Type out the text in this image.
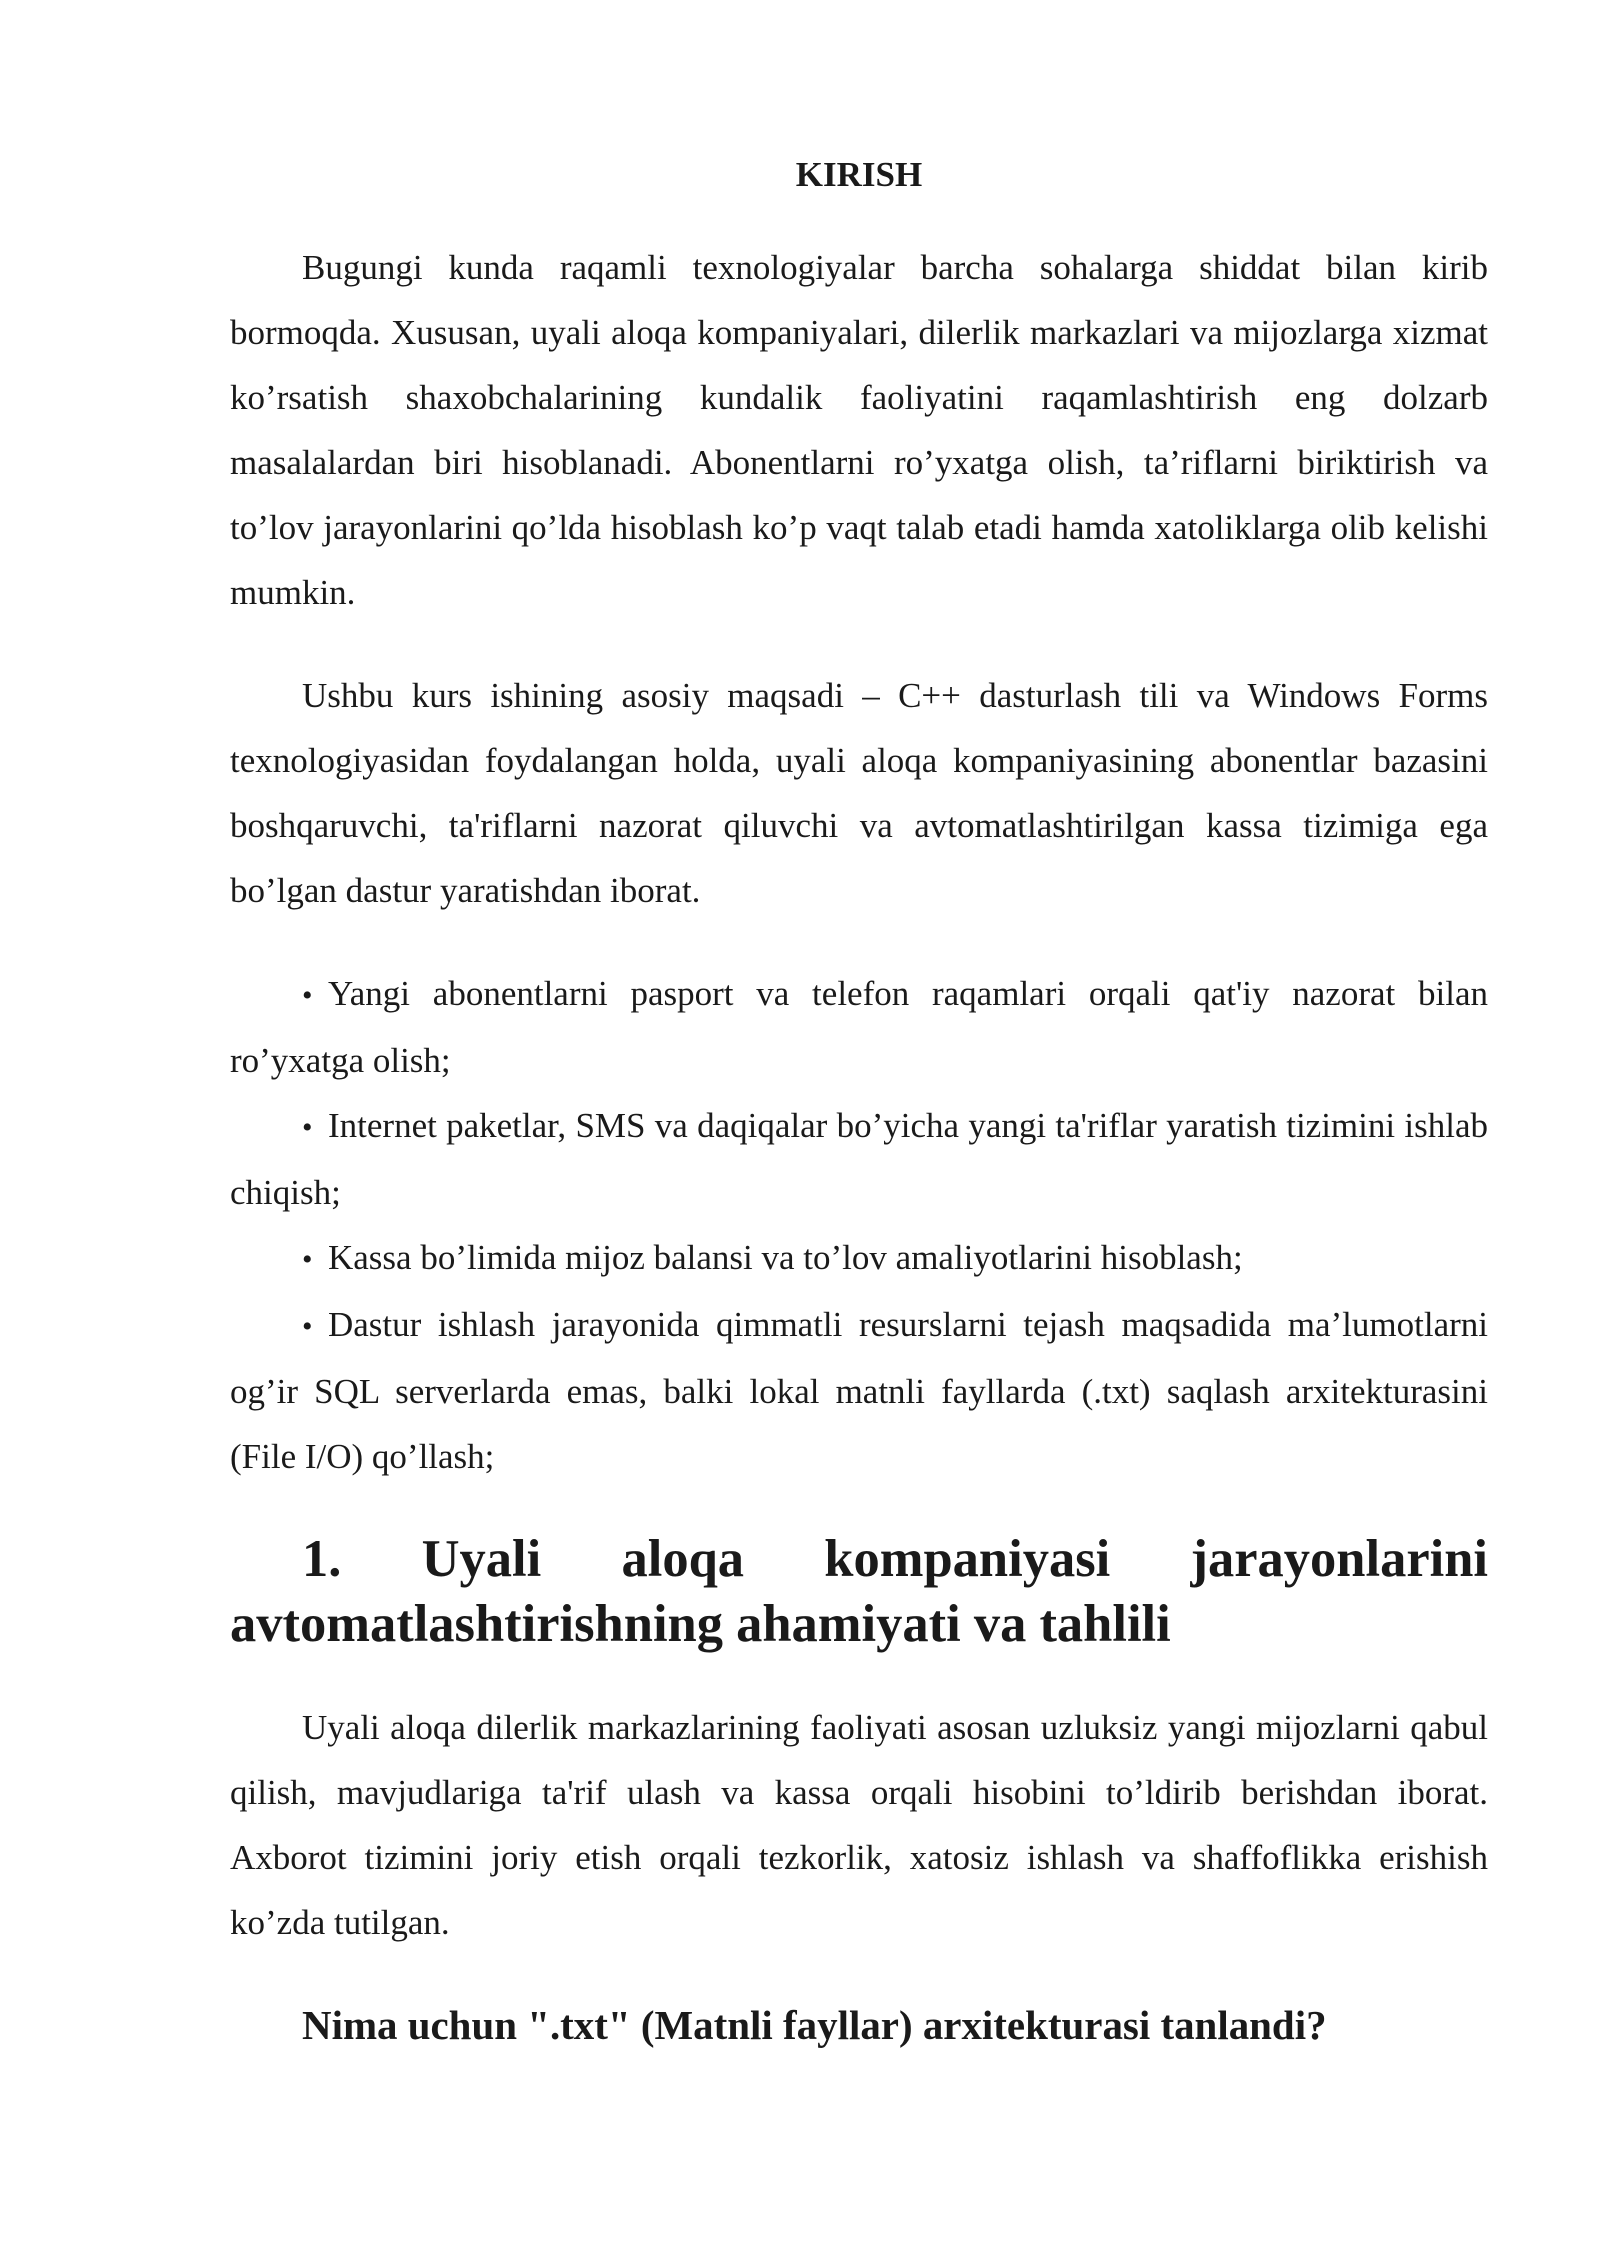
KIRISH

Bugungi kunda raqamli texnologiyalar barcha sohalarga shiddat bilan kirib bormoqda. Xususan, uyali aloqa kompaniyalari, dilerlik markazlari va mijozlarga xizmat ko’rsatish shaxobchalarining kundalik faoliyatini raqamlashtirish eng dolzarb masalalardan biri hisoblanadi. Abonentlarni ro’yxatga olish, ta’riflarni biriktirish va to’lov jarayonlarini qo’lda hisoblash ko’p vaqt talab etadi hamda xatoliklarga olib kelishi mumkin.

Ushbu kurs ishining asosiy maqsadi – C++ dasturlash tili va Windows Forms texnologiyasidan foydalangan holda, uyali aloqa kompaniyasining abonentlar bazasini boshqaruvchi, ta'riflarni nazorat qiluvchi va avtomatlashtirilgan kassa tizimiga ega bo’lgan dastur yaratishdan iborat.

• Yangi abonentlarni pasport va telefon raqamlari orqali qat'iy nazorat bilan ro’yxatga olish;
• Internet paketlar, SMS va daqiqalar bo’yicha yangi ta'riflar yaratish tizimini ishlab chiqish;
• Kassa bo’limida mijoz balansi va to’lov amaliyotlarini hisoblash;
• Dastur ishlash jarayonida qimmatli resurslarni tejash maqsadida ma’lumotlarni og’ir SQL serverlarda emas, balki lokal matnli fayllarda (.txt) saqlash arxitekturasini (File I/O) qo’llash;
1. Uyali aloqa kompaniyasi jarayonlarini avtomatlashtirishning ahamiyati va tahlili

Uyali aloqa dilerlik markazlarining faoliyati asosan uzluksiz yangi mijozlarni qabul qilish, mavjudlariga ta'rif ulash va kassa orqali hisobini to’ldirib berishdan iborat. Axborot tizimini joriy etish orqali tezkorlik, xatosiz ishlash va shaffoflikka erishish ko’zda tutilgan.

Nima uchun ".txt" (Matnli fayllar) arxitekturasi tanlandi?
